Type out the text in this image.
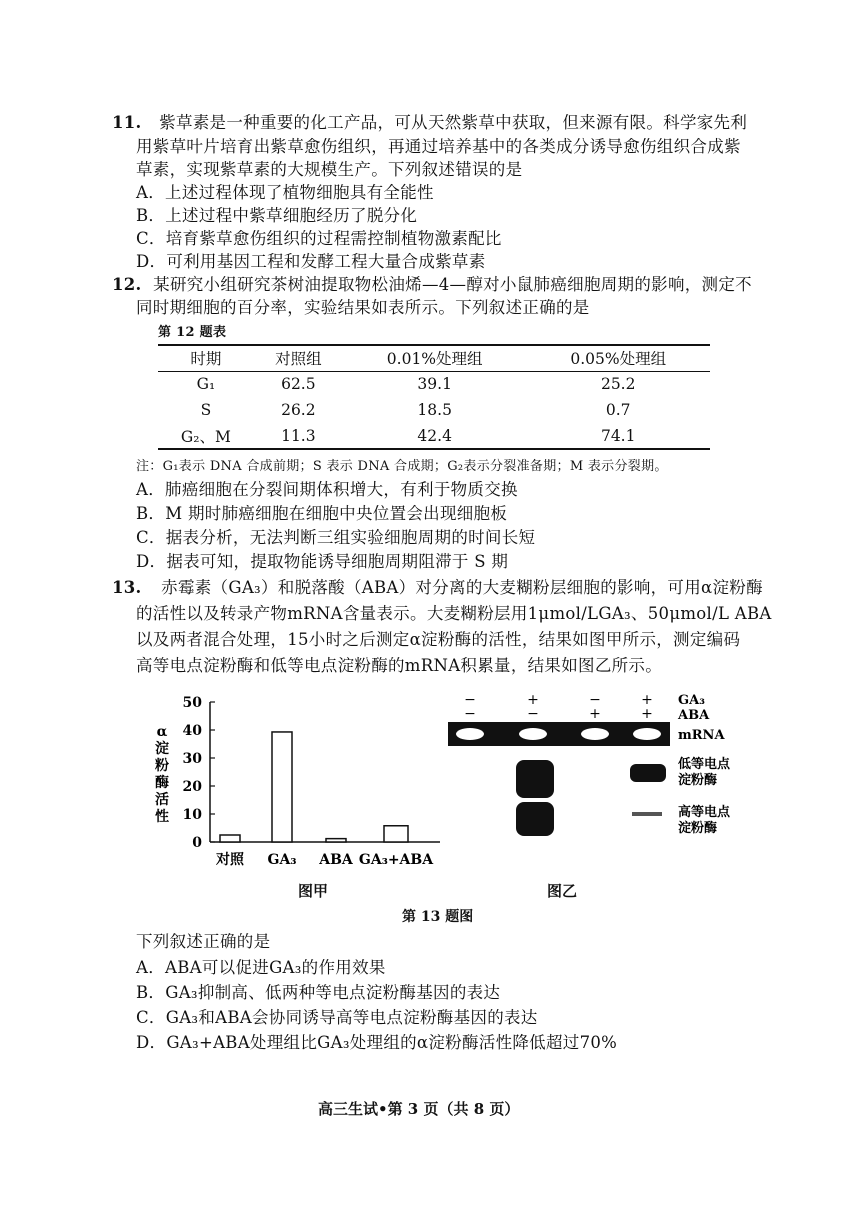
11. 紫草素是一种重要的化工产品，可从天然紫草中获取，但来源有限。科学家先利
用紫草叶片培育出紫草愈伤组织，再通过培养基中的各类成分诱导愈伤组织合成紫
草素，实现紫草素的大规模生产。下列叙述错误的是
A．上述过程体现了植物细胞具有全能性
B．上述过程中紫草细胞经历了脱分化
C．培育紫草愈伤组织的过程需控制植物激素配比
D．可利用基因工程和发酵工程大量合成紫草素
12. 某研究小组研究茶树油提取物松油烯—4—醇对小鼠肺癌细胞周期的影响，测定不
同时期细胞的百分率，实验结果如表所示。下列叙述正确的是
第 12 题表
时期	对照组	0.01%处理组	0.05%处理组
G₁	62.5	39.1	25.2
S	26.2	18.5	0.7
G₂、M	11.3	42.4	74.1
注：G₁表示 DNA 合成前期；S 表示 DNA 合成期；G₂表示分裂准备期；M 表示分裂期。
A．肺癌细胞在分裂间期体积增大，有利于物质交换
B．M 期时肺癌细胞在细胞中央位置会出现细胞板
C．据表分析，无法判断三组实验细胞周期的时间长短
D．据表可知，提取物能诱导细胞周期阻滞于 S 期
13. 赤霉素（GA₃）和脱落酸（ABA）对分离的大麦糊粉层细胞的影响，可用α淀粉酶
的活性以及转录产物mRNA含量表示。大麦糊粉层用1μmol/LGA₃、50μmol/L ABA
以及两者混合处理，15小时之后测定α淀粉酶的活性，结果如图甲所示，测定编码
高等电点淀粉酶和低等电点淀粉酶的mRNA积累量，结果如图乙所示。
0
10
20
30
40
50
α
淀
粉
酶
活
性
对照 GA₃ ABA GA₃+ABA
−	+	−	+
−	−	+	+
GA₃
ABA
mRNA
低等电点
淀粉酶
高等电点
淀粉酶
图甲	图乙
第 13 题图
下列叙述正确的是
A．ABA可以促进GA₃的作用效果
B．GA₃抑制高、低两种等电点淀粉酶基因的表达
C．GA₃和ABA会协同诱导高等电点淀粉酶基因的表达
D．GA₃+ABA处理组比GA₃处理组的α淀粉酶活性降低超过70%
高三生试•第 3 页（共 8 页）
